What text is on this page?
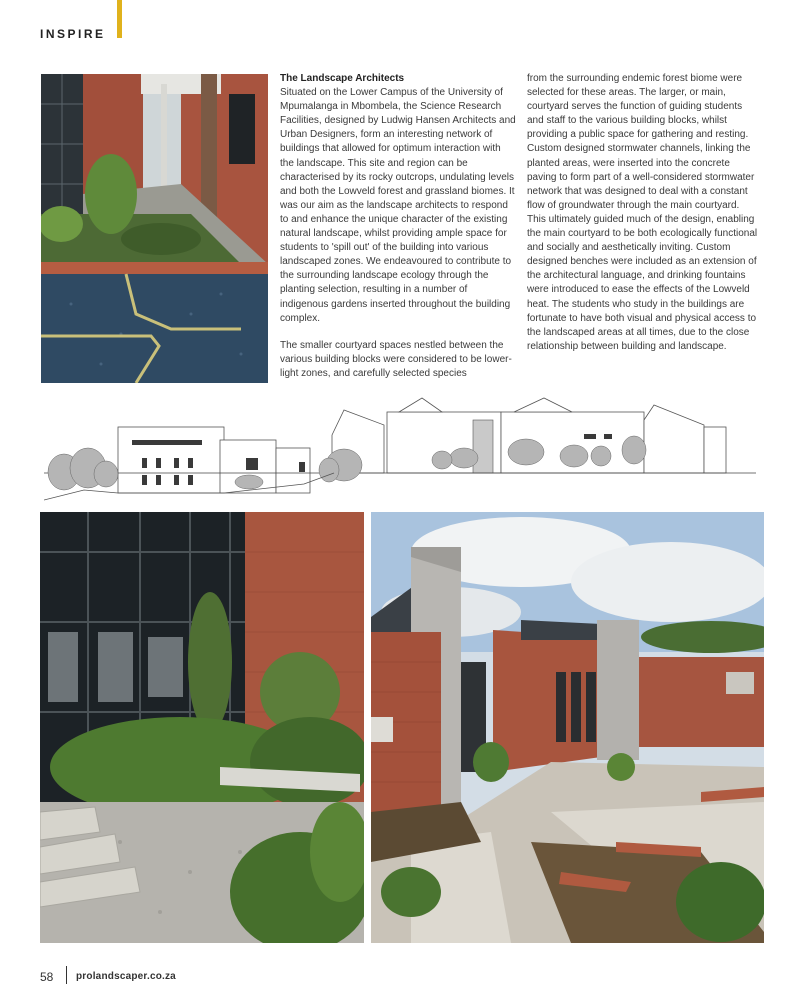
INSPIRE
The Landscape Architects

Situated on the Lower Campus of the University of Mpumalanga in Mbombela, the Science Research Facilities, designed by Ludwig Hansen Architects and Urban Designers, form an interesting network of buildings that allowed for optimum interaction with the landscape. This site and region can be characterised by its rocky outcrops, undulating levels and both the Lowveld forest and grassland biomes. It was our aim as the landscape architects to respond to and enhance the unique character of the existing natural landscape, whilst providing ample space for students to 'spill out' of the building into various landscaped zones. We endeavoured to contribute to the surrounding landscape ecology through the planting selection, resulting in a number of indigenous gardens inserted throughout the building complex.

The smaller courtyard spaces nestled between the various building blocks were considered to be lower-light zones, and carefully selected species

from the surrounding endemic forest biome were selected for these areas. The larger, or main, courtyard serves the function of guiding students and staff to the various building blocks, whilst providing a public space for gathering and resting. Custom designed stormwater channels, linking the planted areas, were inserted into the concrete paving to form part of a well-considered stormwater network that was designed to deal with a constant flow of groundwater through the main courtyard. This ultimately guided much of the design, enabling the main courtyard to be both ecologically functional and socially and aesthetically inviting. Custom designed benches were included as an extension of the architectural language, and drinking fountains were introduced to ease the effects of the Lowveld heat. The students who study in the buildings are fortunate to have both visual and physical access to the landscaped areas at all times, due to the close relationship between building and landscape.

58 prolandscaper.co.za
